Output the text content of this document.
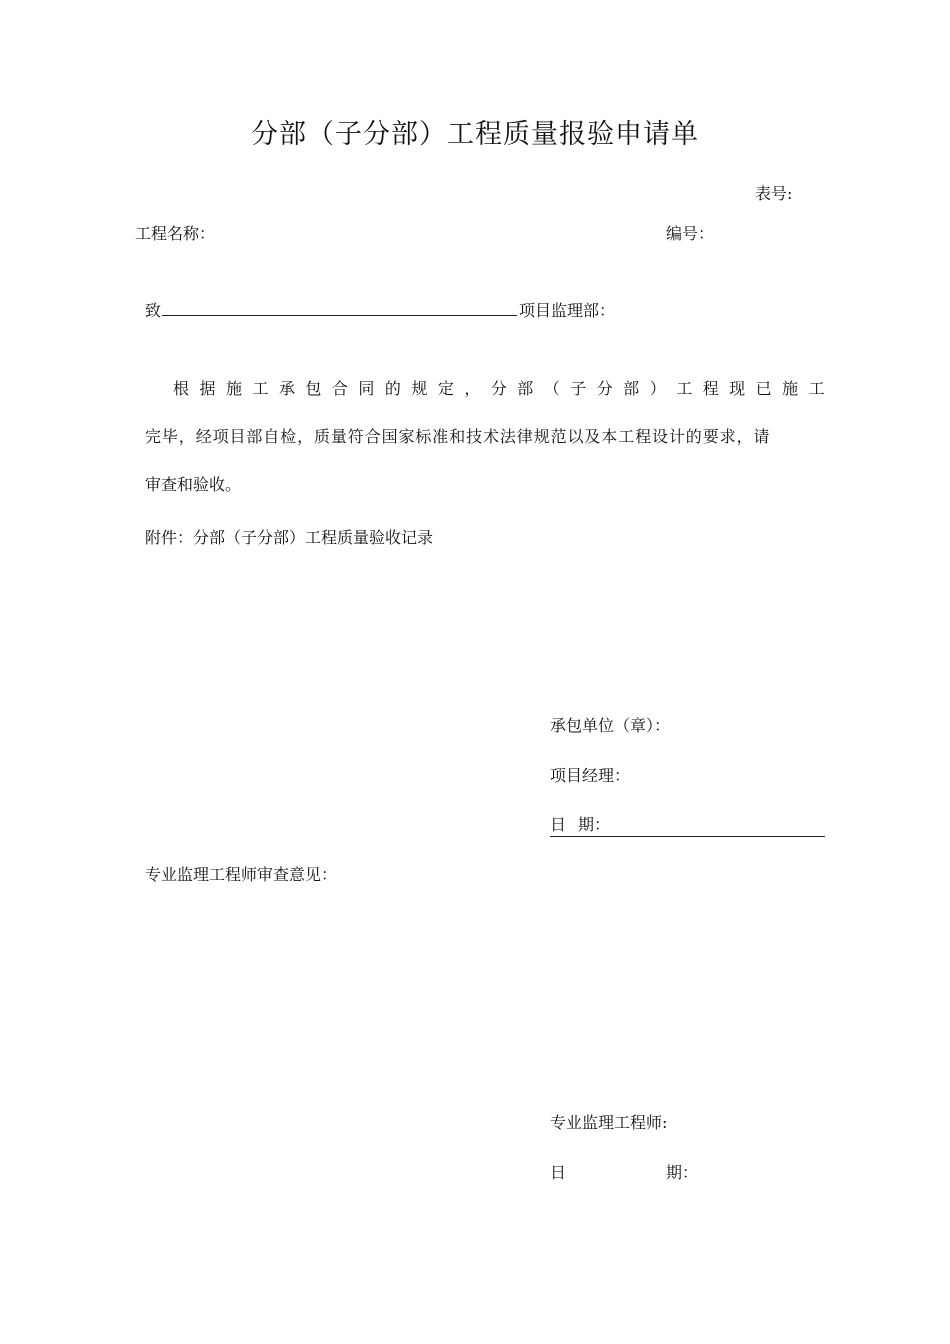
分部（子分部）工程质量报验申请单
表号:
工程名称：	编号：
致	项目监理部：
根 据 施 工 承 包 合 同 的 规 定 ， 分 部 （ 子 分 部 ） 工 程 现 已 施 工
完毕，经项目部自检，质量符合国家标准和技术法律规范以及本工程设计的要求，请
审查和验收。
附件：分部（子分部）工程质量验收记录
承包单位（章）：
项目经理：
日 期：
专业监理工程师审查意见：
专业监理工程师:
日	期：
